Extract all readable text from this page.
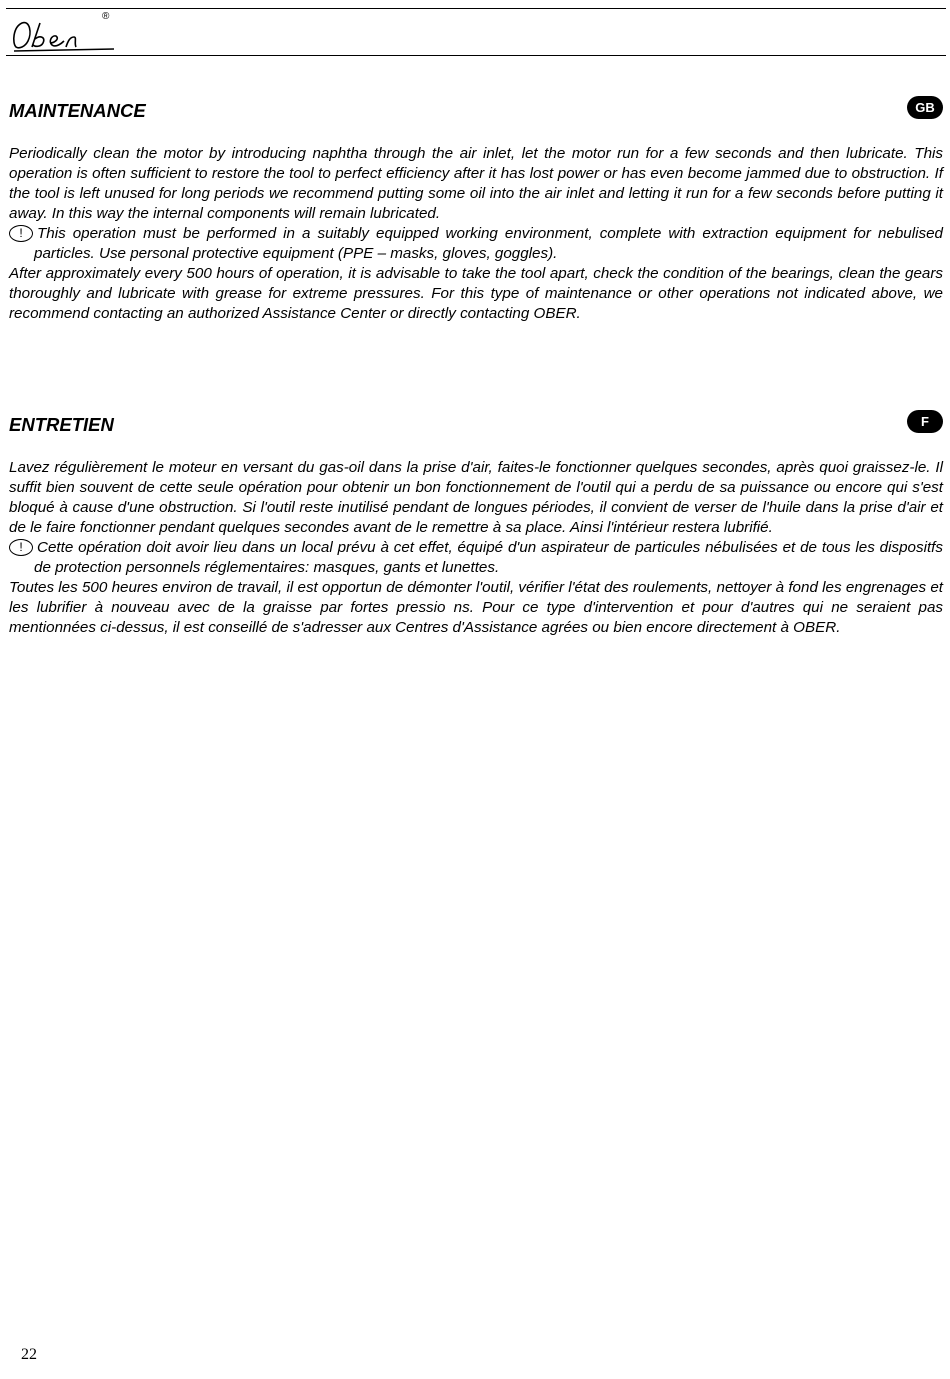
®
MAINTENANCE	GB

Periodically clean the motor by introducing naphtha through the air inlet, let the motor run for a few seconds and then lubricate. This operation is often sufficient to restore the tool to perfect efficiency after it has lost power or has even become jammed due to obstruction. If the tool is left unused for long periods we recommend putting some oil into the air inlet and letting it run for a few seconds before putting it away. In this way the internal components will remain lubricated.

! This operation must be performed in a suitably equipped working environment, complete with extraction equipment for nebulised particles. Use personal protective equipment (PPE – masks, gloves, goggles).

After approximately every 500 hours of operation, it is advisable to take the tool apart, check the condition of the bearings, clean the gears thoroughly and lubricate with grease for extreme pressures. For this type of maintenance or other operations not indicated above, we recommend contacting an authorized Assistance Center or directly contacting OBER.

ENTRETIEN	F

Lavez régulièrement le moteur en versant du gas-oil dans la prise d'air, faites-le fonctionner quelques secondes, après quoi graissez-le. Il suffit bien souvent de cette seule opération pour obtenir un bon fonctionnement de l'outil qui a perdu de sa puissance ou encore qui s'est bloqué à cause d'une obstruction. Si l'outil reste inutilisé pendant de longues périodes, il convient de verser de l'huile dans la prise d'air et de le faire fonctionner pendant quelques secondes avant de le remettre à sa place. Ainsi l'intérieur restera lubrifié.

! Cette opération doit avoir lieu dans un local prévu à cet effet, équipé d'un aspirateur de particules nébulisées et de tous les dispositfs de protection personnels réglementaires: masques, gants et lunettes.

Toutes les 500 heures environ de travail, il est opportun de démonter l'outil, vérifier l'état des roulements, nettoyer à fond les engrenages et les lubrifier à nouveau avec de la graisse par fortes pressio ns. Pour ce type d'intervention et pour d'autres qui ne seraient pas mentionnées ci-dessus, il est conseillé de s'adresser aux Centres d'Assistance agrées ou bien encore directement à OBER.

22
